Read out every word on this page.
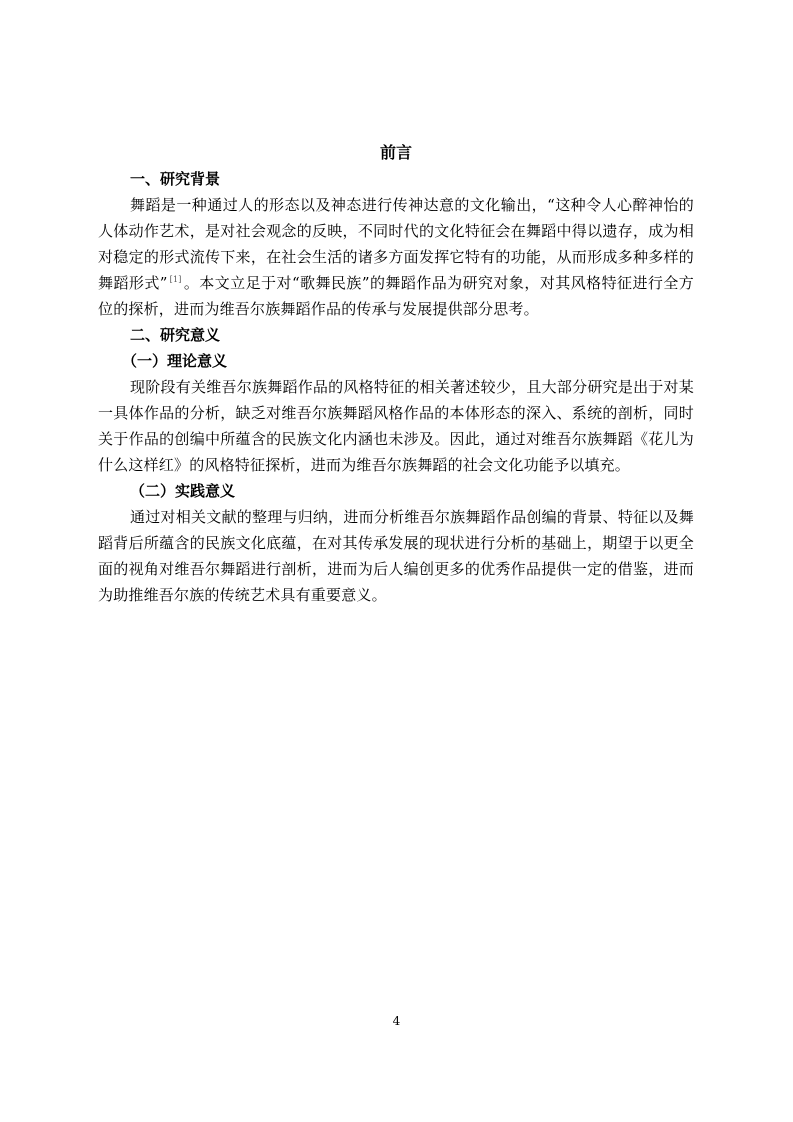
前言

一、研究背景

舞蹈是一种通过人的形态以及神态进行传神达意的文化输出，“这种令人心醉神怡的人体动作艺术，是对社会观念的反映，不同时代的文化特征会在舞蹈中得以遗存，成为相对稳定的形式流传下来，在社会生活的诸多方面发挥它特有的功能，从而形成多种多样的舞蹈形式” [1] 。本文立足于对“歌舞民族”的舞蹈作品为研究对象，对其风格特征进行全方位的探析，进而为维吾尔族舞蹈作品的传承与发展提供部分思考。

二、研究意义

（一）理论意义

现阶段有关维吾尔族舞蹈作品的风格特征的相关著述较少，且大部分研究是出于对某一具体作品的分析，缺乏对维吾尔族舞蹈风格作品的本体形态的深入、系统的剖析，同时关于作品的创编中所蕴含的民族文化内涵也未涉及。因此，通过对维吾尔族舞蹈《花儿为什么这样红》的风格特征探析，进而为维吾尔族舞蹈的社会文化功能予以填充。

（二）实践意义

通过对相关文献的整理与归纳，进而分析维吾尔族舞蹈作品创编的背景、特征以及舞蹈背后所蕴含的民族文化底蕴，在对其传承发展的现状进行分析的基础上，期望于以更全面的视角对维吾尔舞蹈进行剖析，进而为后人编创更多的优秀作品提供一定的借鉴，进而为助推维吾尔族的传统艺术具有重要意义。

4
